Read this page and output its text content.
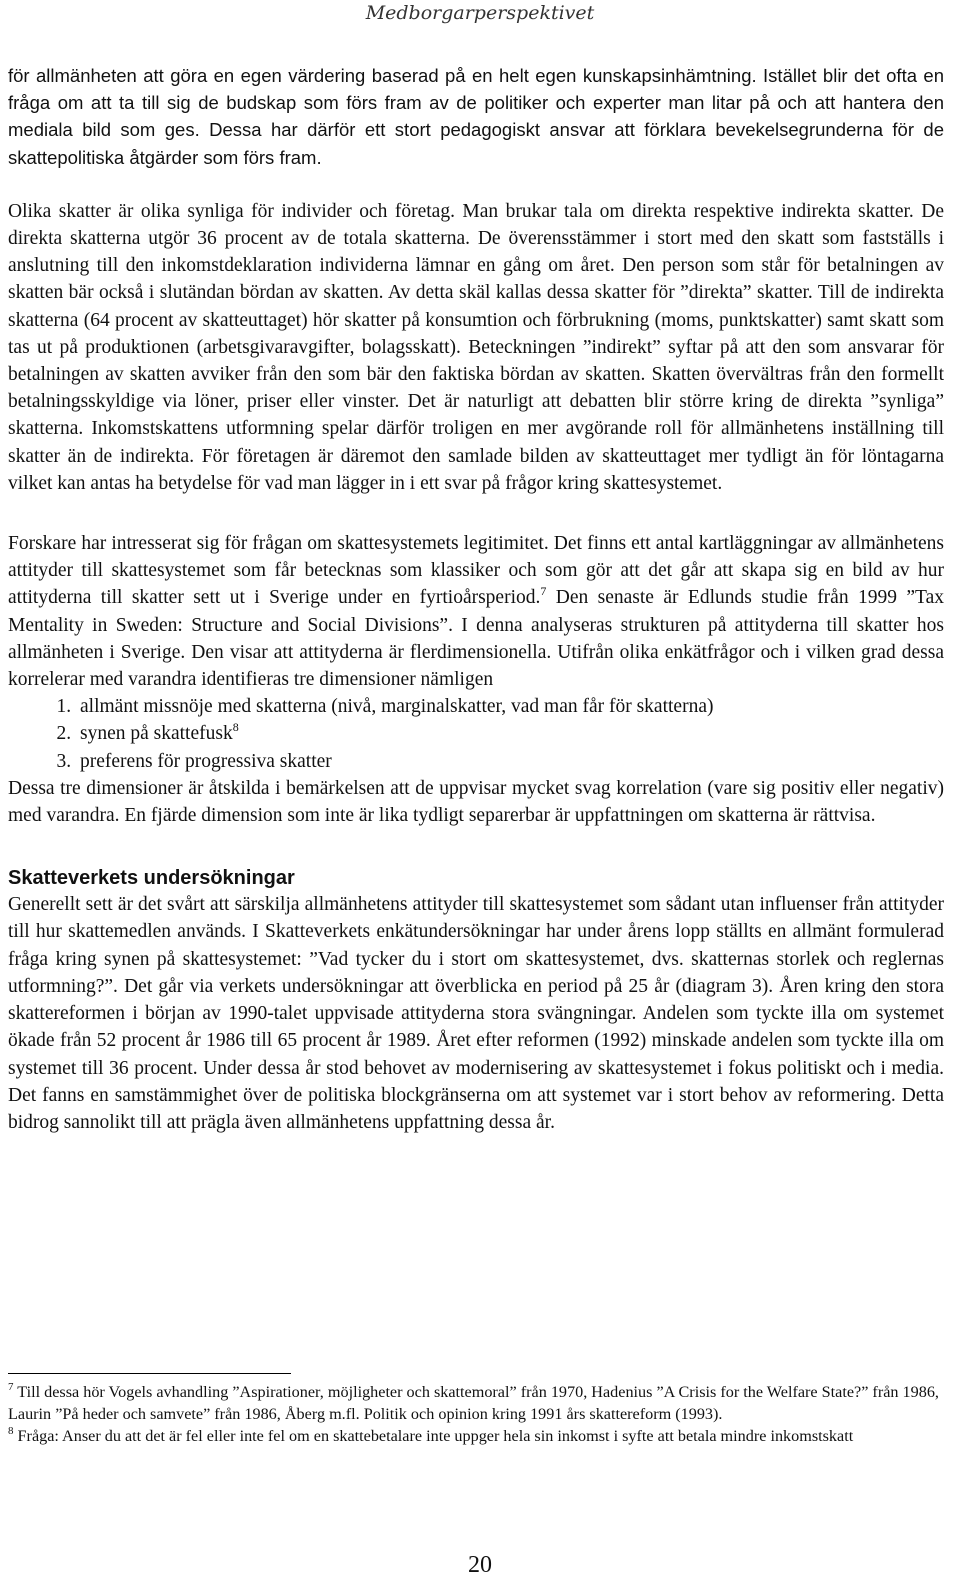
Medborgarperspektivet

för allmänheten att göra en egen värdering baserad på en helt egen kunskapsinhämtning. Istället blir det ofta en fråga om att ta till sig de budskap som förs fram av de politiker och experter man litar på och att hantera den mediala bild som ges. Dessa har därför ett stort pedagogiskt ansvar att förklara bevekelsegrunderna för de skattepolitiska åtgärder som förs fram.

Olika skatter är olika synliga för individer och företag. Man brukar tala om direkta respektive indirekta skatter. De direkta skatterna utgör 36 procent av de totala skatterna. De överensstämmer i stort med den skatt som fastställs i anslutning till den inkomstdeklaration individerna lämnar en gång om året. Den person som står för betalningen av skatten bär också i slutändan bördan av skatten. Av detta skäl kallas dessa skatter för ”direkta” skatter. Till de indirekta skatterna (64 procent av skatteuttaget) hör skatter på konsumtion och förbrukning (moms, punktskatter) samt skatt som tas ut på produktionen (arbetsgivaravgifter, bolagsskatt). Beteckningen ”indirekt” syftar på att den som ansvarar för betalningen av skatten avviker från den som bär den faktiska bördan av skatten. Skatten övervältras från den formellt betalningsskyldige via löner, priser eller vinster. Det är naturligt att debatten blir större kring de direkta ”synliga” skatterna. Inkomstskattens utformning spelar därför troligen en mer avgörande roll för allmänhetens inställning till skatter än de indirekta. För företagen är däremot den samlade bilden av skatteuttaget mer tydligt än för löntagarna vilket kan antas ha betydelse för vad man lägger in i ett svar på frågor kring skattesystemet.

Forskare har intresserat sig för frågan om skattesystemets legitimitet. Det finns ett antal kartläggningar av allmänhetens attityder till skattesystemet som får betecknas som klassiker och som gör att det går att skapa sig en bild av hur attityderna till skatter sett ut i Sverige under en fyrtioårsperiod.$^7$ Den senaste är Edlunds studie från 1999 ”Tax Mentality in Sweden: Structure and Social Divisions”. I denna analyseras strukturen på attityderna till skatter hos allmänheten i Sverige. Den visar att attityderna är flerdimensionella. Utifrån olika enkätfrågor och i vilken grad dessa korrelerar med varandra identifieras tre dimensioner nämligen

1. allmänt missnöje med skatterna (nivå, marginalskatter, vad man får för skatterna)
2. synen på skattefusk$^8$
3. preferens för progressiva skatter

Dessa tre dimensioner är åtskilda i bemärkelsen att de uppvisar mycket svag korrelation (vare sig positiv eller negativ) med varandra. En fjärde dimension som inte är lika tydligt separerbar är uppfattningen om skatterna är rättvisa.

Skatteverkets undersökningar

Generellt sett är det svårt att särskilja allmänhetens attityder till skattesystemet som sådant utan influenser från attityder till hur skattemedlen används. I Skatteverkets enkätundersökningar har under årens lopp ställts en allmänt formulerad fråga kring synen på skattesystemet: ”Vad tycker du i stort om skattesystemet, dvs. skatternas storlek och reglernas utformning?”. Det går via verkets undersökningar att överblicka en period på 25 år (diagram 3). Åren kring den stora skattereformen i början av 1990-talet uppvisade attityderna stora svängningar. Andelen som tyckte illa om systemet ökade från 52 procent år 1986 till 65 procent år 1989. Året efter reformen (1992) minskade andelen som tyckte illa om systemet till 36 procent. Under dessa år stod behovet av modernisering av skattesystemet i fokus politiskt och i media. Det fanns en samstämmighet över de politiska blockgränserna om att systemet var i stort behov av reformering. Detta bidrog sannolikt till att prägla även allmänhetens uppfattning dessa år.

$^7$ Till dessa hör Vogels avhandling ”Aspirationer, möjligheter och skattemoral” från 1970, Hadenius ”A Crisis for the Welfare State?” från 1986, Laurin ”På heder och samvete” från 1986, Åberg m.fl. Politik och opinion kring 1991 års skattereform (1993).

$^8$ Fråga: Anser du att det är fel eller inte fel om en skattebetalare inte uppger hela sin inkomst i syfte att betala mindre inkomstskatt

20
